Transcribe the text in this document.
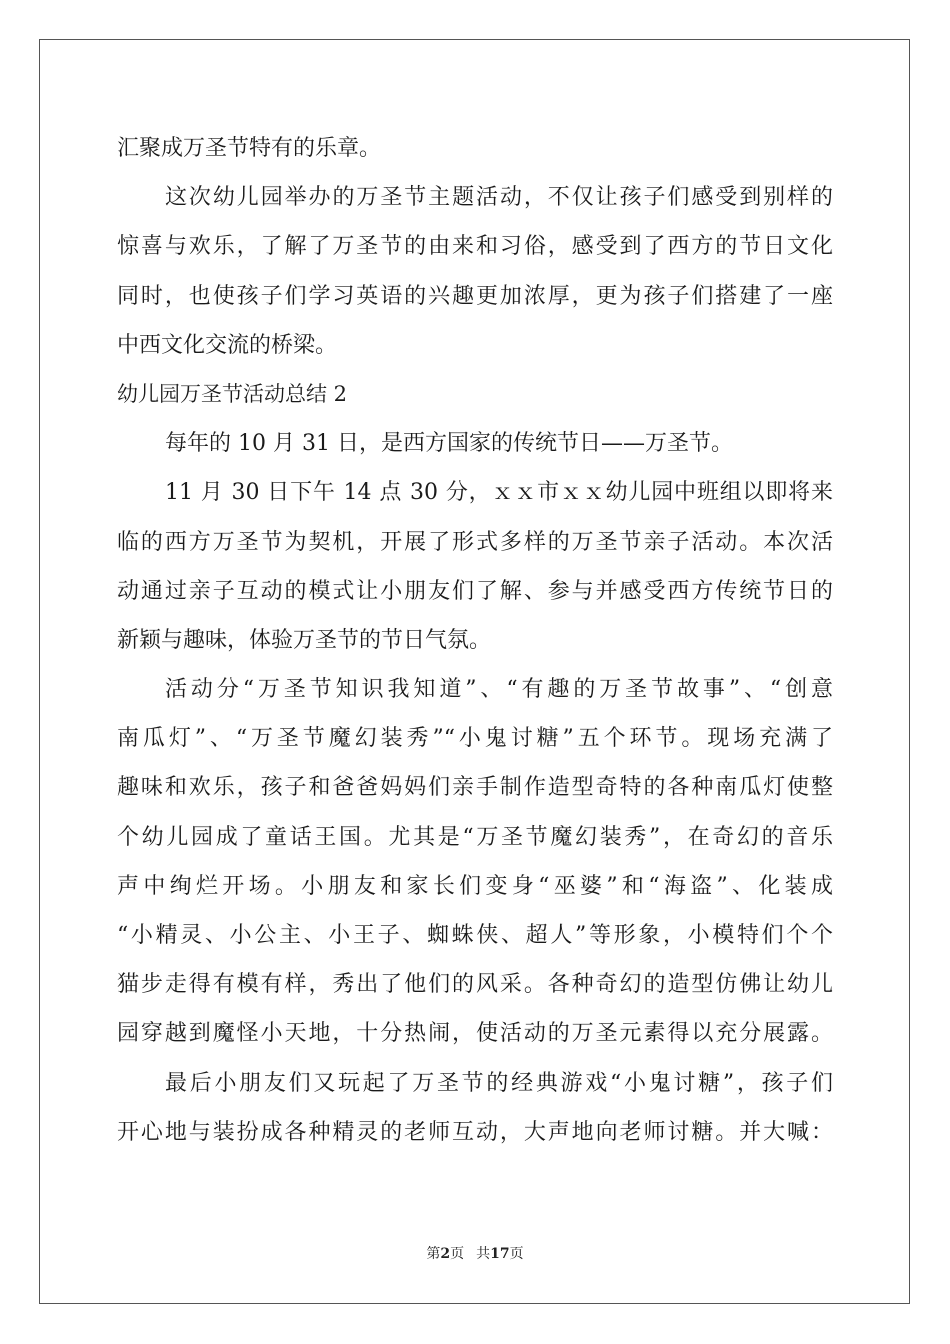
汇聚成万圣节特有的乐章。
这次幼儿园举办的万圣节主题活动，不仅让孩子们感受到别样的
惊喜与欢乐，了解了万圣节的由来和习俗，感受到了西方的节日文化
同时，也使孩子们学习英语的兴趣更加浓厚，更为孩子们搭建了一座
中西文化交流的桥梁。
幼儿园万圣节活动总结 2
每年的 10 月 31 日，是西方国家的传统节日——万圣节。
11 月 30 日下午 14 点 30 分，ｘｘ市ｘｘ幼儿园中班组以即将来
临的西方万圣节为契机，开展了形式多样的万圣节亲子活动。本次活
动通过亲子互动的模式让小朋友们了解、参与并感受西方传统节日的
新颖与趣味，体验万圣节的节日气氛。
活动分“万圣节知识我知道”、“有趣的万圣节故事”、“创意
南瓜灯”、“万圣节魔幻装秀”“小鬼讨糖”五个环节。现场充满了
趣味和欢乐，孩子和爸爸妈妈们亲手制作造型奇特的各种南瓜灯使整
个幼儿园成了童话王国。尤其是“万圣节魔幻装秀”，在奇幻的音乐
声中绚烂开场。小朋友和家长们变身“巫婆”和“海盗”、化装成
“小精灵、小公主、小王子、蜘蛛侠、超人”等形象，小模特们个个
猫步走得有模有样，秀出了他们的风采。各种奇幻的造型仿佛让幼儿
园穿越到魔怪小天地，十分热闹，使活动的万圣元素得以充分展露。
最后小朋友们又玩起了万圣节的经典游戏“小鬼讨糖”，孩子们
开心地与装扮成各种精灵的老师互动，大声地向老师讨糖。并大喊：
第2页 共17页
